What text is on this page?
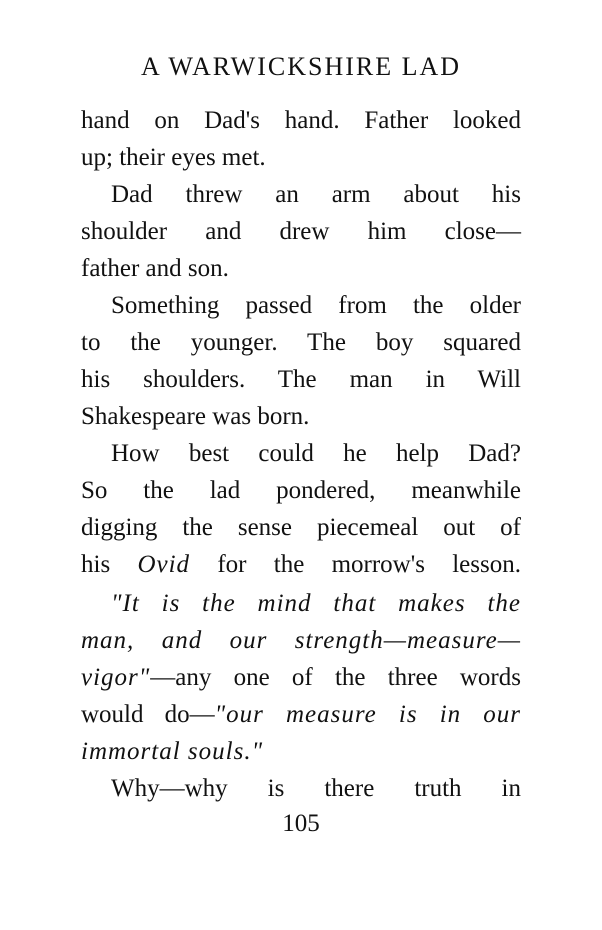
A WARWICKSHIRE LAD
hand on Dad's hand. Father looked
up; their eyes met.
Dad threw an arm about his
shoulder and drew him close—
father and son.
Something passed from the older
to the younger. The boy squared
his shoulders. The man in Will
Shakespeare was born.
How best could he help Dad?
So the lad pondered, meanwhile
digging the sense piecemeal out of
his Ovid for the morrow's lesson.
"It is the mind that makes the
man, and our strength—measure—
vigor"—any one of the three words
would do—"our measure is in our
immortal souls."
Why—why is there truth in
105
